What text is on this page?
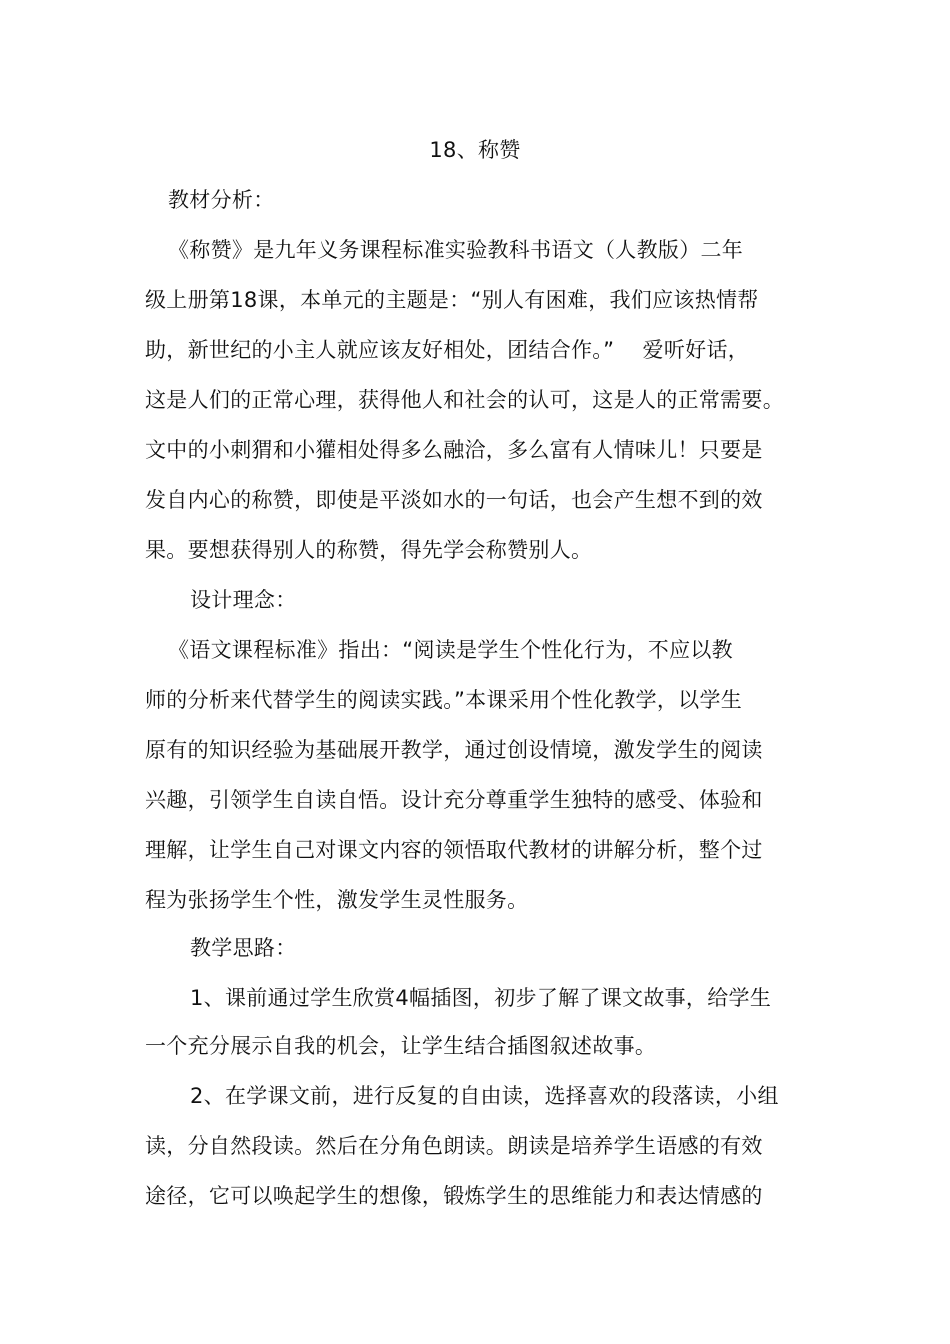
18、称赞
教材分析：
《称赞》是九年义务课程标准实验教科书语文（人教版）二年
级上册第18课，本单元的主题是：“别人有困难，我们应该热情帮
助，新世纪的小主人就应该友好相处，团结合作。”　 爱听好话，
这是人们的正常心理，获得他人和社会的认可，这是人的正常需要。
文中的小刺猬和小獾相处得多么融洽，多么富有人情味儿！只要是
发自内心的称赞，即使是平淡如水的一句话，也会产生想不到的效
果。要想获得别人的称赞，得先学会称赞别人。
设计理念：
《语文课程标准》指出：“阅读是学生个性化行为，不应以教
师的分析来代替学生的阅读实践。”本课采用个性化教学，以学生
原有的知识经验为基础展开教学，通过创设情境，激发学生的阅读
兴趣，引领学生自读自悟。设计充分尊重学生独特的感受、体验和
理解，让学生自己对课文内容的领悟取代教材的讲解分析，整个过
程为张扬学生个性，激发学生灵性服务。
教学思路：
1、课前通过学生欣赏4幅插图，初步了解了课文故事，给学生
一个充分展示自我的机会，让学生结合插图叙述故事。
2、在学课文前，进行反复的自由读，选择喜欢的段落读，小组
读，分自然段读。然后在分角色朗读。朗读是培养学生语感的有效
途径，它可以唤起学生的想像，锻炼学生的思维能力和表达情感的
